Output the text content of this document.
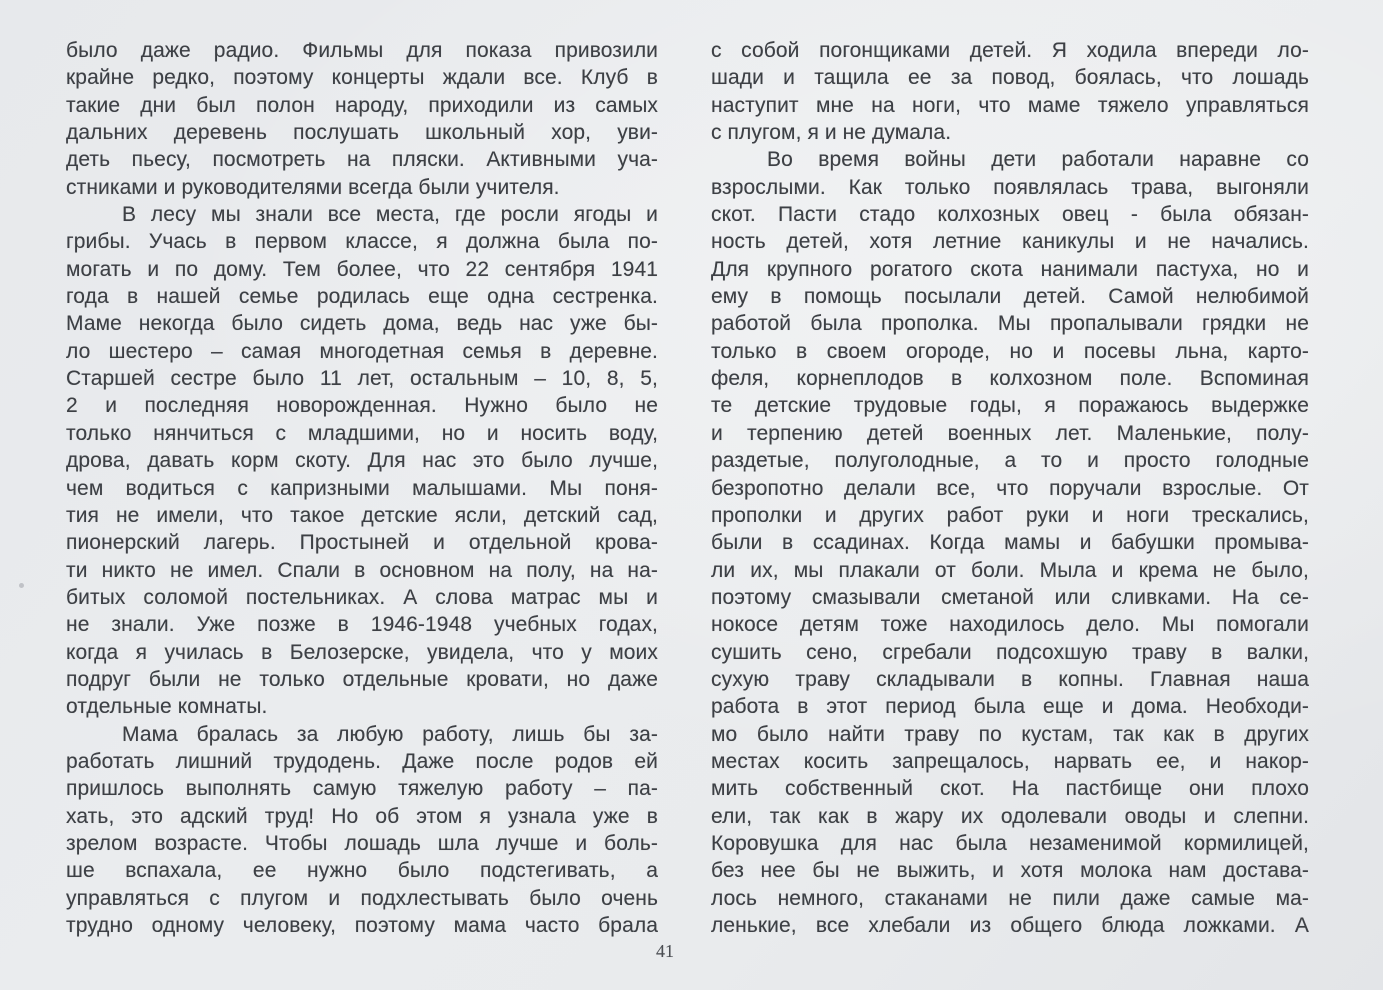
было даже радио. Фильмы для показа привозили
крайне редко, поэтому концерты ждали все. Клуб в
такие дни был полон народу, приходили из самых
дальних деревень послушать школьный хор, уви-
деть пьесу, посмотреть на пляски. Активными уча-
стниками и руководителями всегда были учителя.
В лесу мы знали все места, где росли ягоды и
грибы. Учась в первом классе, я должна была по-
могать и по дому. Тем более, что 22 сентября 1941
года в нашей семье родилась еще одна сестренка.
Маме некогда было сидеть дома, ведь нас уже бы-
ло шестеро – самая многодетная семья в деревне.
Старшей сестре было 11 лет, остальным – 10, 8, 5,
2 и последняя новорожденная. Нужно было не
только нянчиться с младшими, но и носить воду,
дрова, давать корм скоту. Для нас это было лучше,
чем водиться с капризными малышами. Мы поня-
тия не имели, что такое детские ясли, детский сад,
пионерский лагерь. Простыней и отдельной крова-
ти никто не имел. Спали в основном на полу, на на-
битых соломой постельниках. А слова матрас мы и
не знали. Уже позже в 1946-1948 учебных годах,
когда я училась в Белозерске, увидела, что у моих
подруг были не только отдельные кровати, но даже
отдельные комнаты.
Мама бралась за любую работу, лишь бы за-
работать лишний трудодень. Даже после родов ей
пришлось выполнять самую тяжелую работу – па-
хать, это адский труд! Но об этом я узнала уже в
зрелом возрасте. Чтобы лошадь шла лучше и боль-
ше вспахала, ее нужно было подстегивать, а
управляться с плугом и подхлестывать было очень
трудно одному человеку, поэтому мама часто брала
с собой погонщиками детей. Я ходила впереди ло-
шади и тащила ее за повод, боялась, что лошадь
наступит мне на ноги, что маме тяжело управляться
с плугом, я и не думала.
Во время войны дети работали наравне со
взрослыми. Как только появлялась трава, выгоняли
скот. Пасти стадо колхозных овец - была обязан-
ность детей, хотя летние каникулы и не начались.
Для крупного рогатого скота нанимали пастуха, но и
ему в помощь посылали детей. Самой нелюбимой
работой была прополка. Мы пропалывали грядки не
только в своем огороде, но и посевы льна, карто-
феля, корнеплодов в колхозном поле. Вспоминая
те детские трудовые годы, я поражаюсь выдержке
и терпению детей военных лет. Маленькие, полу-
раздетые, полуголодные, а то и просто голодные
безропотно делали все, что поручали взрослые. От
прополки и других работ руки и ноги трескались,
были в ссадинах. Когда мамы и бабушки промыва-
ли их, мы плакали от боли. Мыла и крема не было,
поэтому смазывали сметаной или сливками. На се-
нокосе детям тоже находилось дело. Мы помогали
сушить сено, сгребали подсохшую траву в валки,
сухую траву складывали в копны. Главная наша
работа в этот период была еще и дома. Необходи-
мо было найти траву по кустам, так как в других
местах косить запрещалось, нарвать ее, и накор-
мить собственный скот. На пастбище они плохо
ели, так как в жару их одолевали оводы и слепни.
Коровушка для нас была незаменимой кормилицей,
без нее бы не выжить, и хотя молока нам достава-
лось немного, стаканами не пили даже самые ма-
ленькие, все хлебали из общего блюда ложками. А
41
